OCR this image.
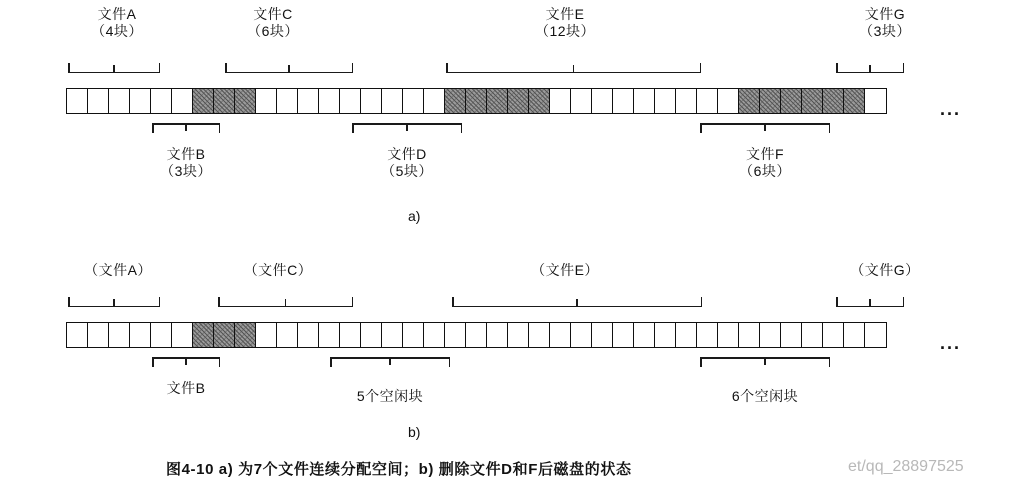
文件A
（4块）
文件C
（6块）
文件E
（12块）
文件G
（3块）
...
文件B
（3块）
文件D
（5块）
文件F
（6块）
a)
（文件A）	（文件C）	（文件E）	（文件G）
...
文件B	5个空闲块	6个空闲块
b)
图4-10 a) 为7个文件连续分配空间；b) 删除文件D和F后磁盘的状态	et/qq_28897525
